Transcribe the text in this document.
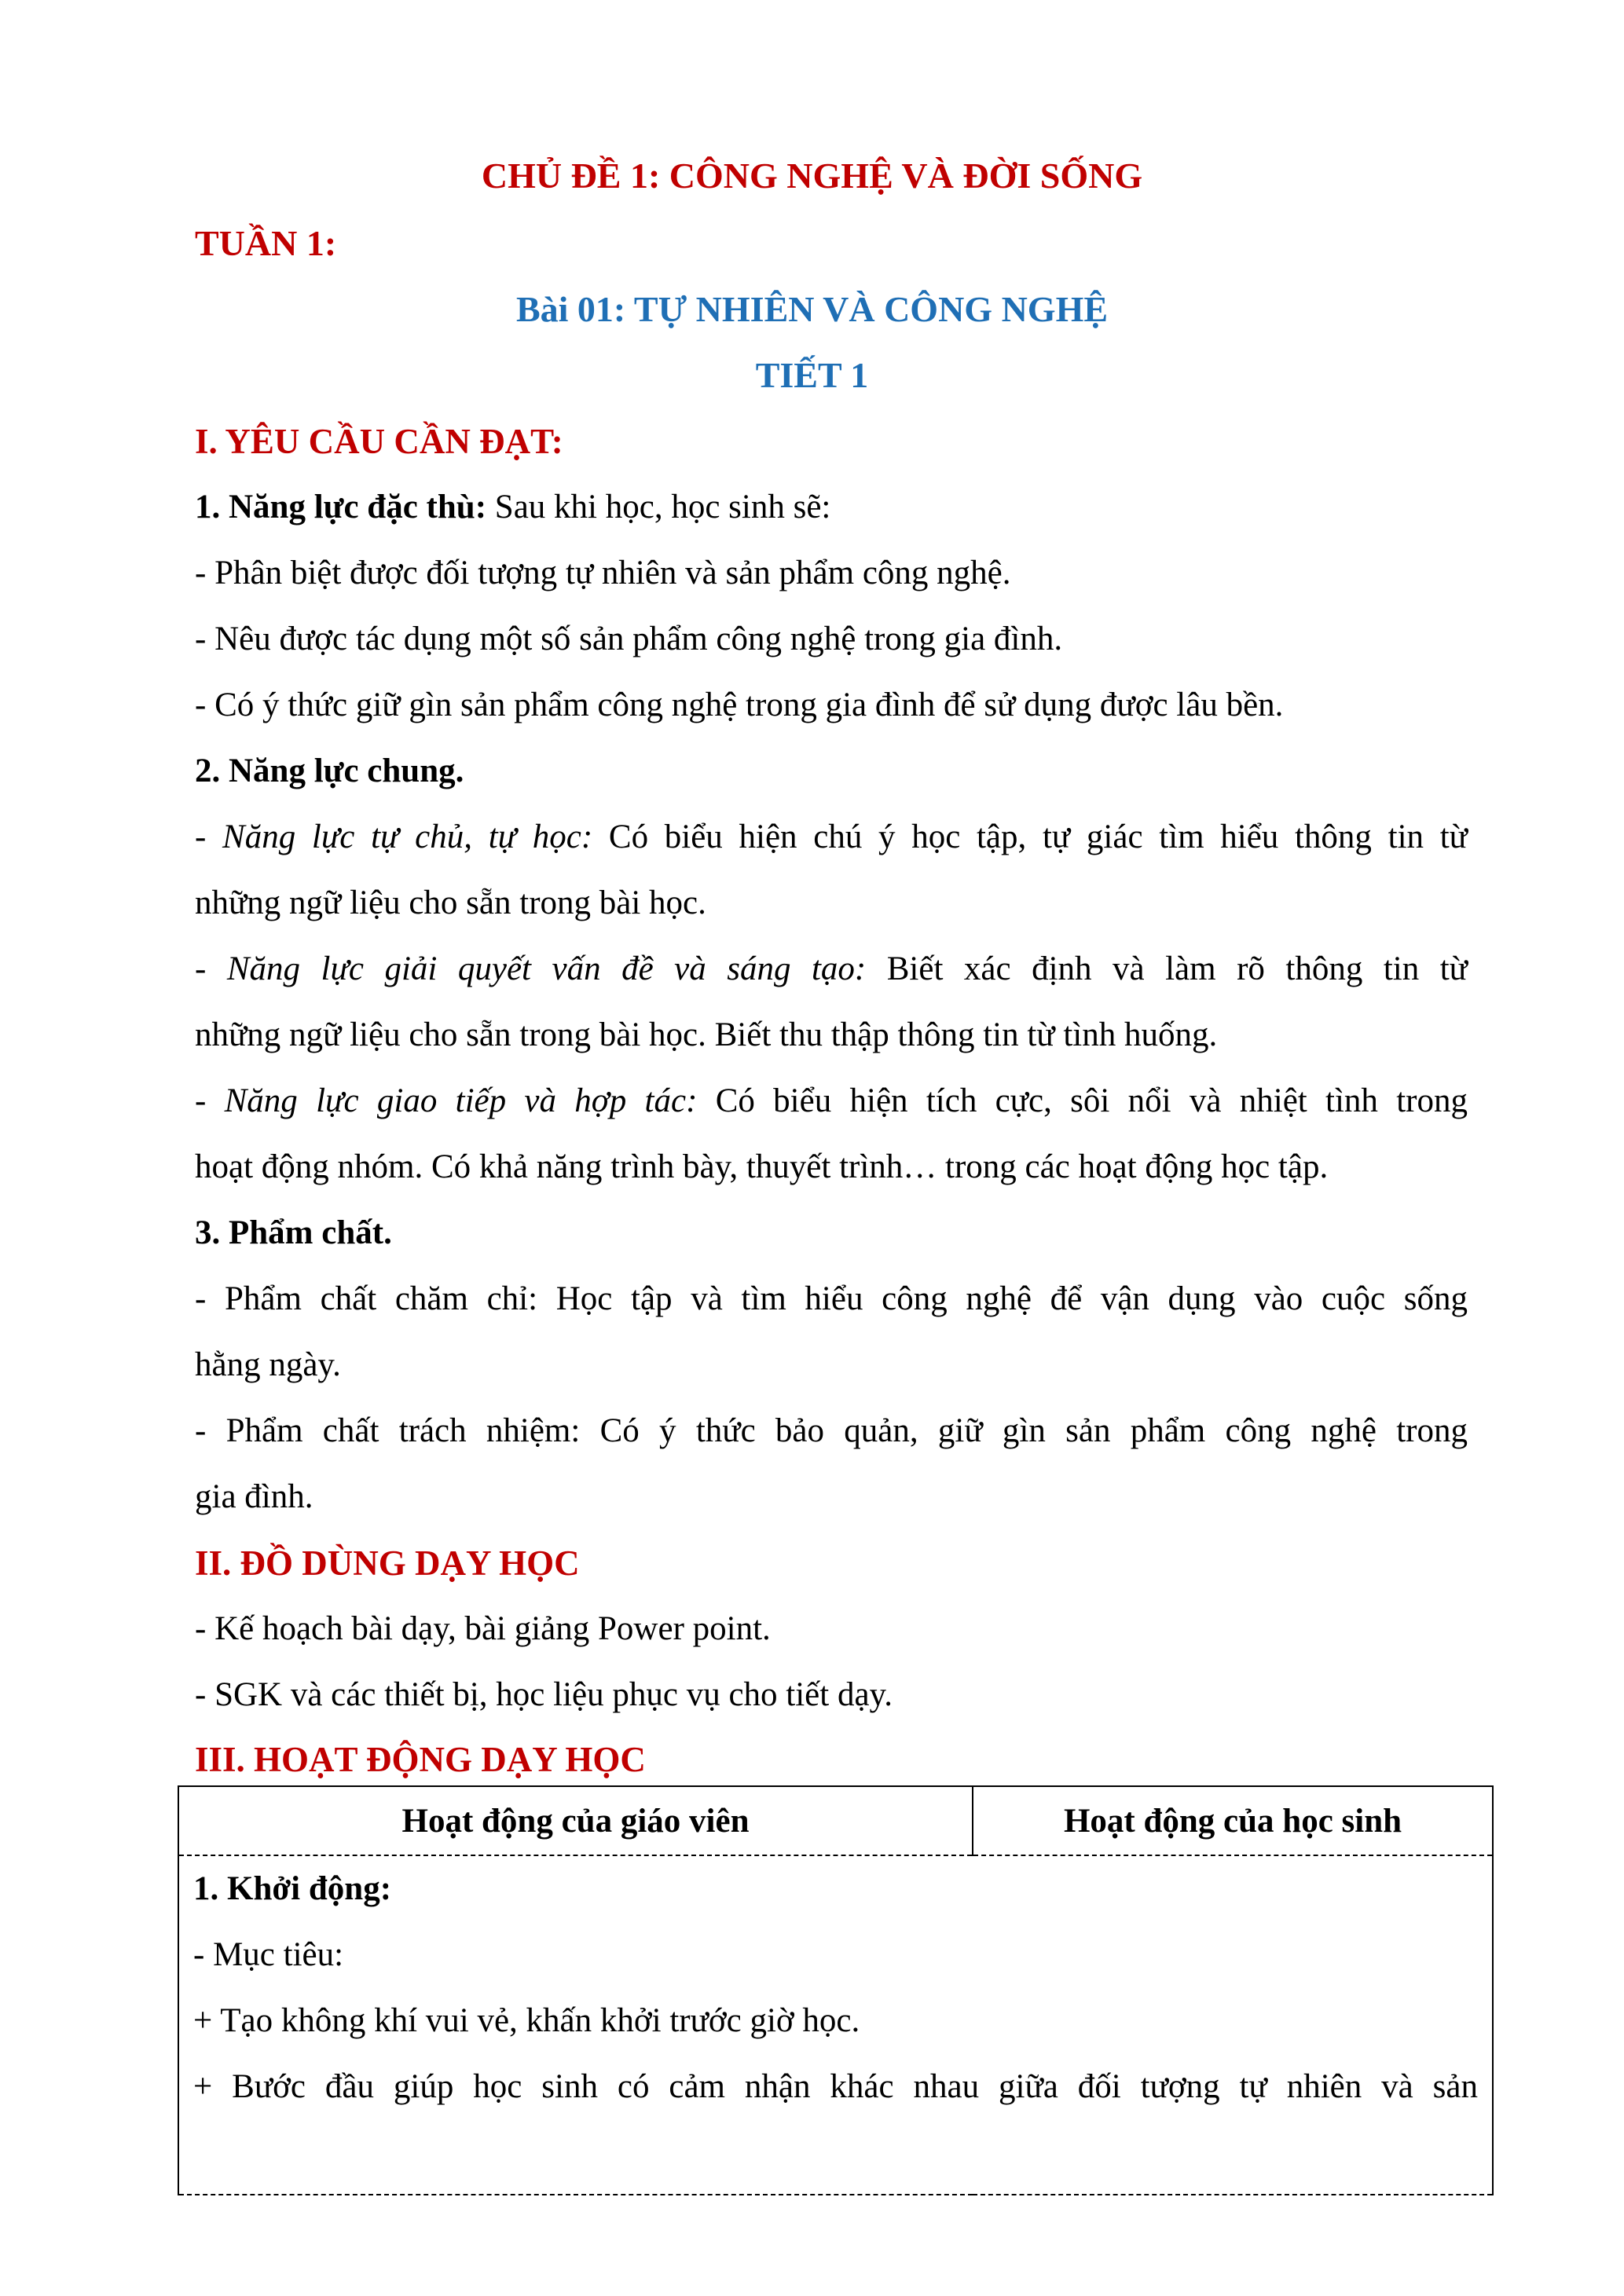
CHỦ ĐỀ 1: CÔNG NGHỆ VÀ ĐỜI SỐNG
TUẦN 1:
Bài 01: TỰ NHIÊN VÀ CÔNG NGHỆ
TIẾT 1
I. YÊU CẦU CẦN ĐẠT:
1. Năng lực đặc thù: Sau khi học, học sinh sẽ:
- Phân biệt được đối tượng tự nhiên và sản phẩm công nghệ.
- Nêu được tác dụng một số sản phẩm công nghệ trong gia đình.
- Có ý thức giữ gìn sản phẩm công nghệ trong gia đình để sử dụng được lâu bền.
2. Năng lực chung.
- Năng lực tự chủ, tự học: Có biểu hiện chú ý học tập, tự giác tìm hiểu thông tin từ
những ngữ liệu cho sẵn trong bài học.
- Năng lực giải quyết vấn đề và sáng tạo: Biết xác định và làm rõ thông tin từ
những ngữ liệu cho sẵn trong bài học. Biết thu thập thông tin từ tình huống.
- Năng lực giao tiếp và hợp tác: Có biểu hiện tích cực, sôi nổi và nhiệt tình trong
hoạt động nhóm. Có khả năng trình bày, thuyết trình… trong các hoạt động học tập.
3. Phẩm chất.
- Phẩm chất chăm chỉ: Học tập và tìm hiểu công nghệ để vận dụng vào cuộc sống
hằng ngày.
- Phẩm chất trách nhiệm: Có ý thức bảo quản, giữ gìn sản phẩm công nghệ trong
gia đình.
II. ĐỒ DÙNG DẠY HỌC
- Kế hoạch bài dạy, bài giảng Power point.
- SGK và các thiết bị, học liệu phục vụ cho tiết dạy.
III. HOẠT ĐỘNG DẠY HỌC
Hoạt động của giáo viên	Hoạt động của học sinh

1. Khởi động:
- Mục tiêu:
+ Tạo không khí vui vẻ, khấn khởi trước giờ học.
+ Bước đầu giúp học sinh có cảm nhận khác nhau giữa đối tượng tự nhiên và sản
